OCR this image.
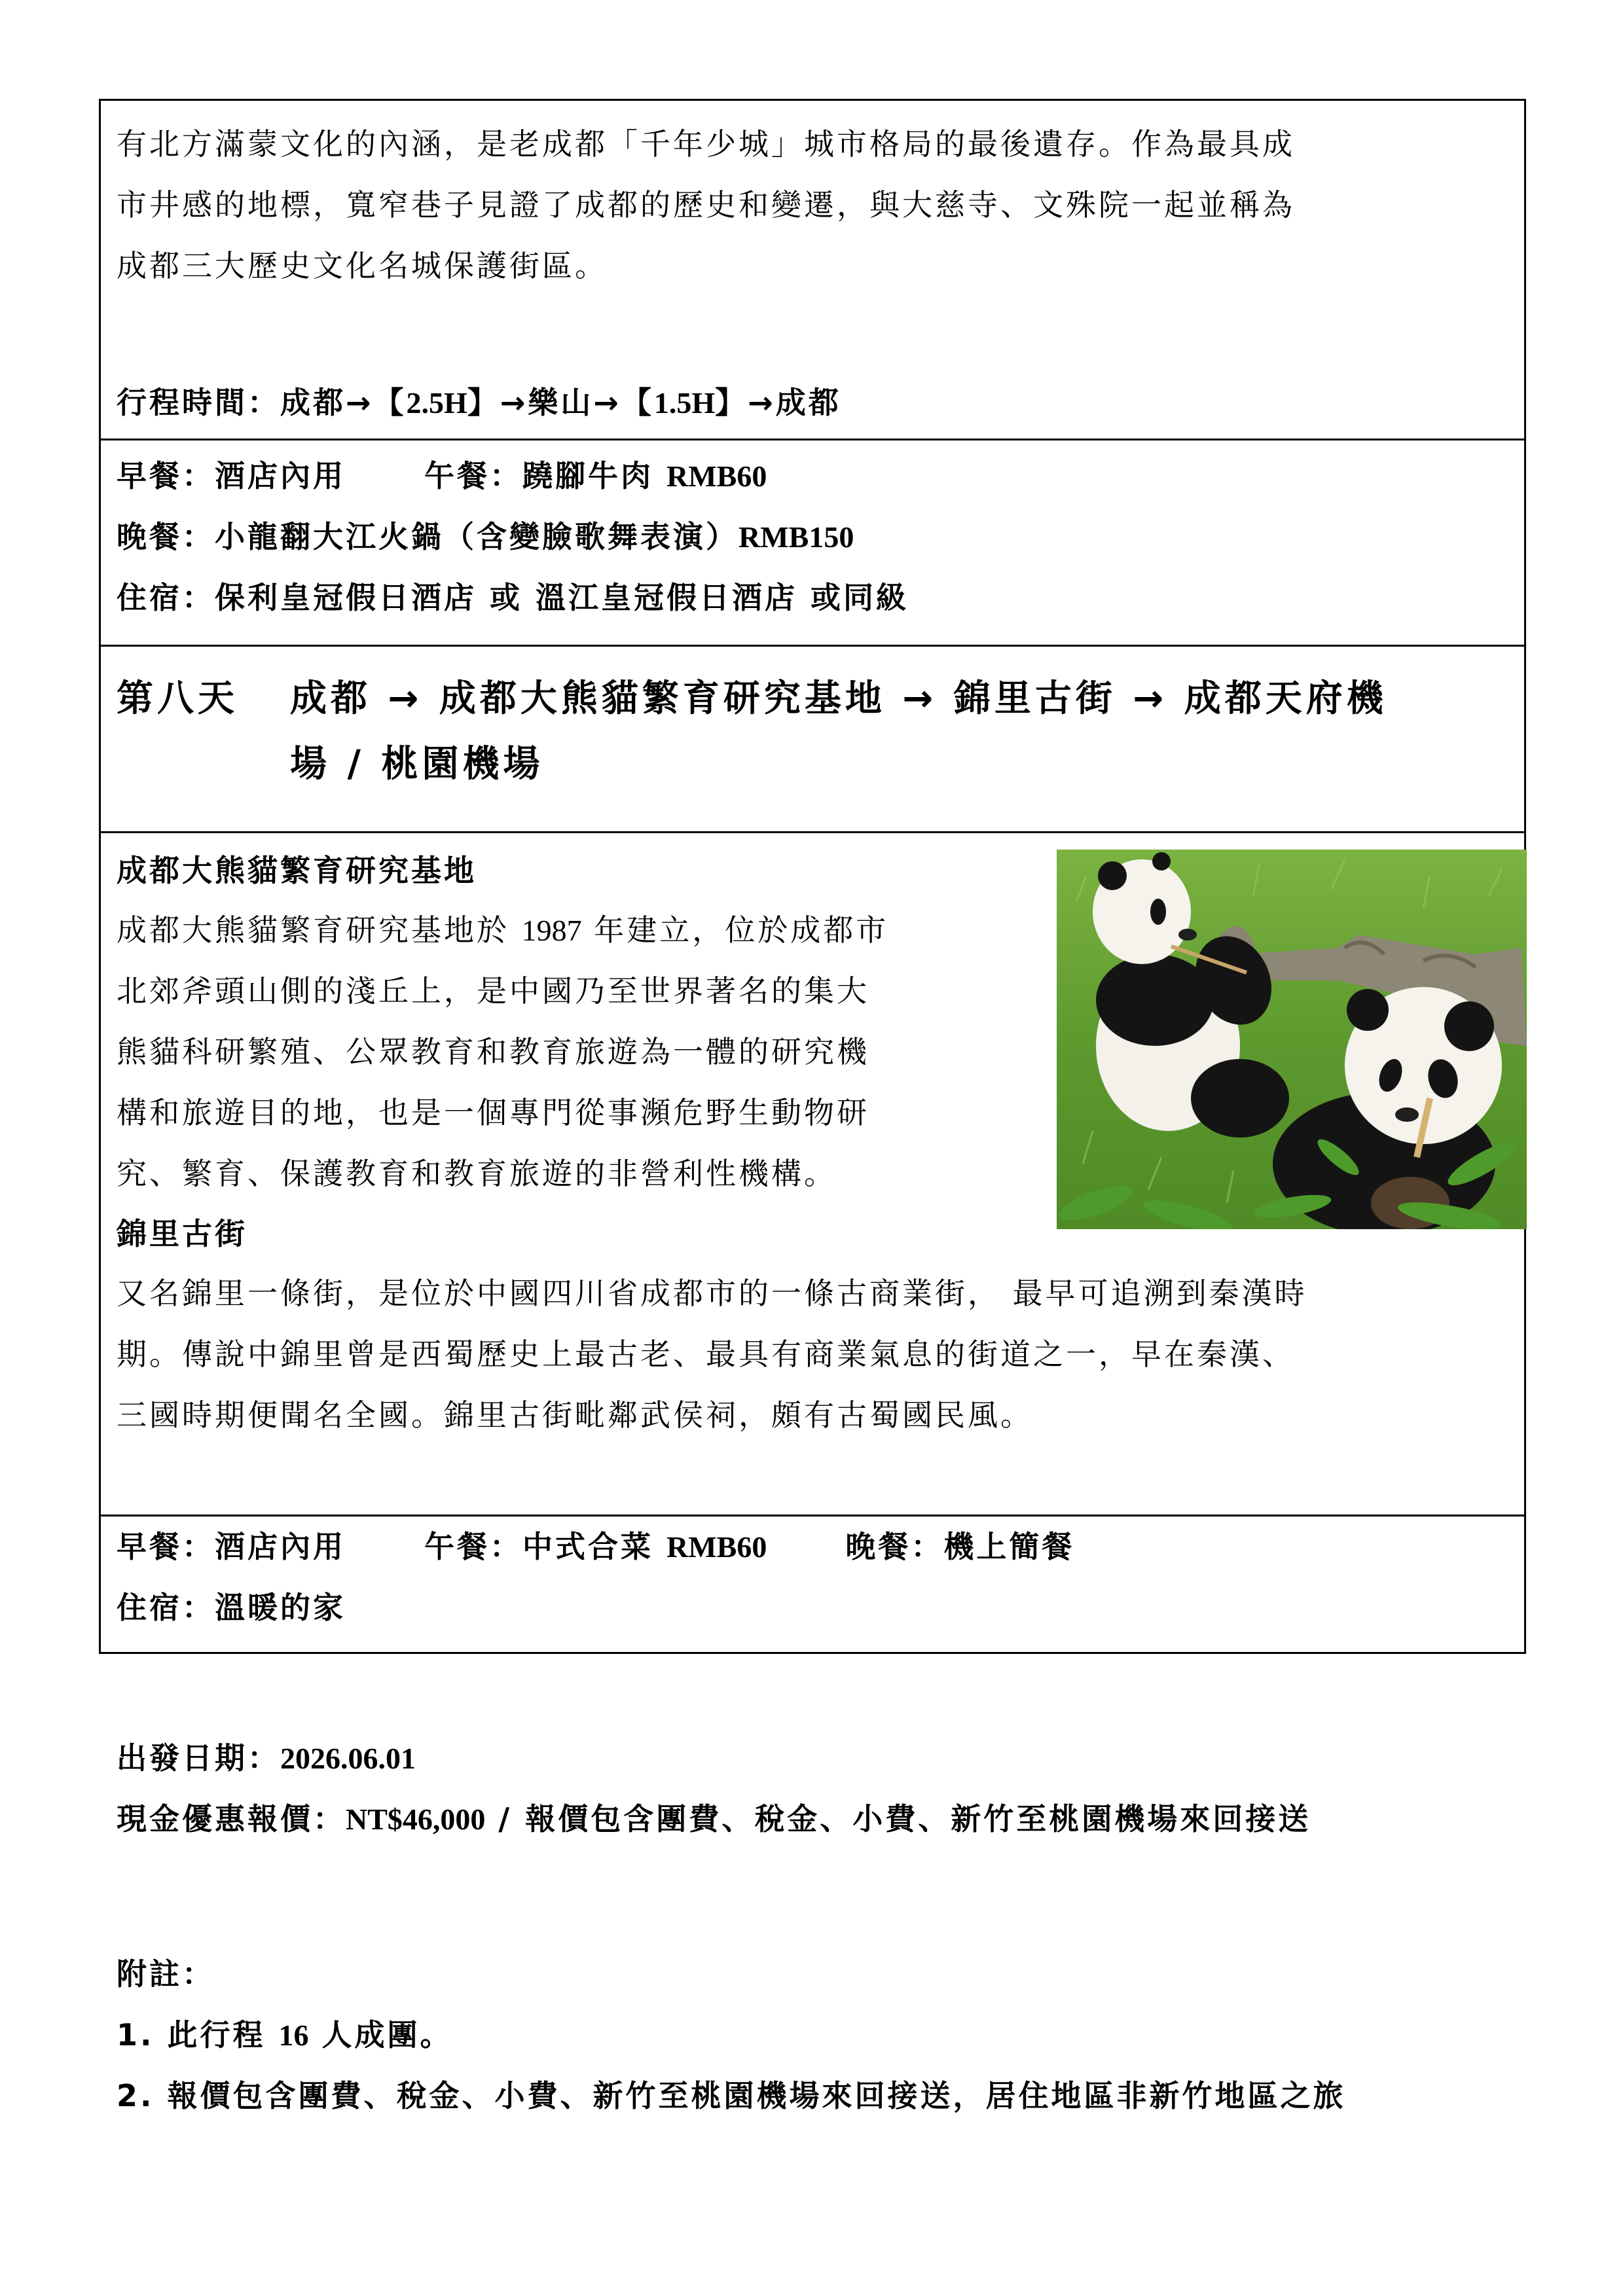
有北方滿蒙文化的內涵，是老成都「千年少城」城市格局的最後遺存。作為最具成
市井感的地標，寬窄巷子見證了成都的歷史和變遷，與大慈寺、文殊院一起並稱為
成都三大歷史文化名城保護街區。
行程時間：成都→【2.5H】→樂山→【1.5H】→成都
早餐：酒店內用	午餐：蹺腳牛肉 RMB60
晚餐：小龍翻大江火鍋（含變臉歌舞表演）RMB150
住宿：保利皇冠假日酒店 或 溫江皇冠假日酒店 或同級
第八天	成都 → 成都大熊貓繁育研究基地 → 錦里古街 → 成都天府機
場 / 桃園機場
成都大熊貓繁育研究基地
成都大熊貓繁育研究基地於 1987 年建立，位於成都市
北郊斧頭山側的淺丘上，是中國乃至世界著名的集大
熊貓科研繁殖、公眾教育和教育旅遊為一體的研究機
構和旅遊目的地，也是一個專門從事瀕危野生動物研
究、繁育、保護教育和教育旅遊的非營利性機構。
錦里古街
又名錦里一條街，是位於中國四川省成都市的一條古商業街， 最早可追溯到秦漢時
期。傳說中錦里曾是西蜀歷史上最古老、最具有商業氣息的街道之一，早在秦漢、
三國時期便聞名全國。錦里古街毗鄰武侯祠，頗有古蜀國民風。
早餐：酒店內用	午餐：中式合菜 RMB60	晚餐：機上簡餐
住宿：溫暖的家
出發日期：2026.06.01
現金優惠報價：NT$46,000 / 報價包含團費、稅金、小費、新竹至桃園機場來回接送
附註：
1. 此行程 16 人成團。
2. 報價包含團費、稅金、小費、新竹至桃園機場來回接送，居住地區非新竹地區之旅
